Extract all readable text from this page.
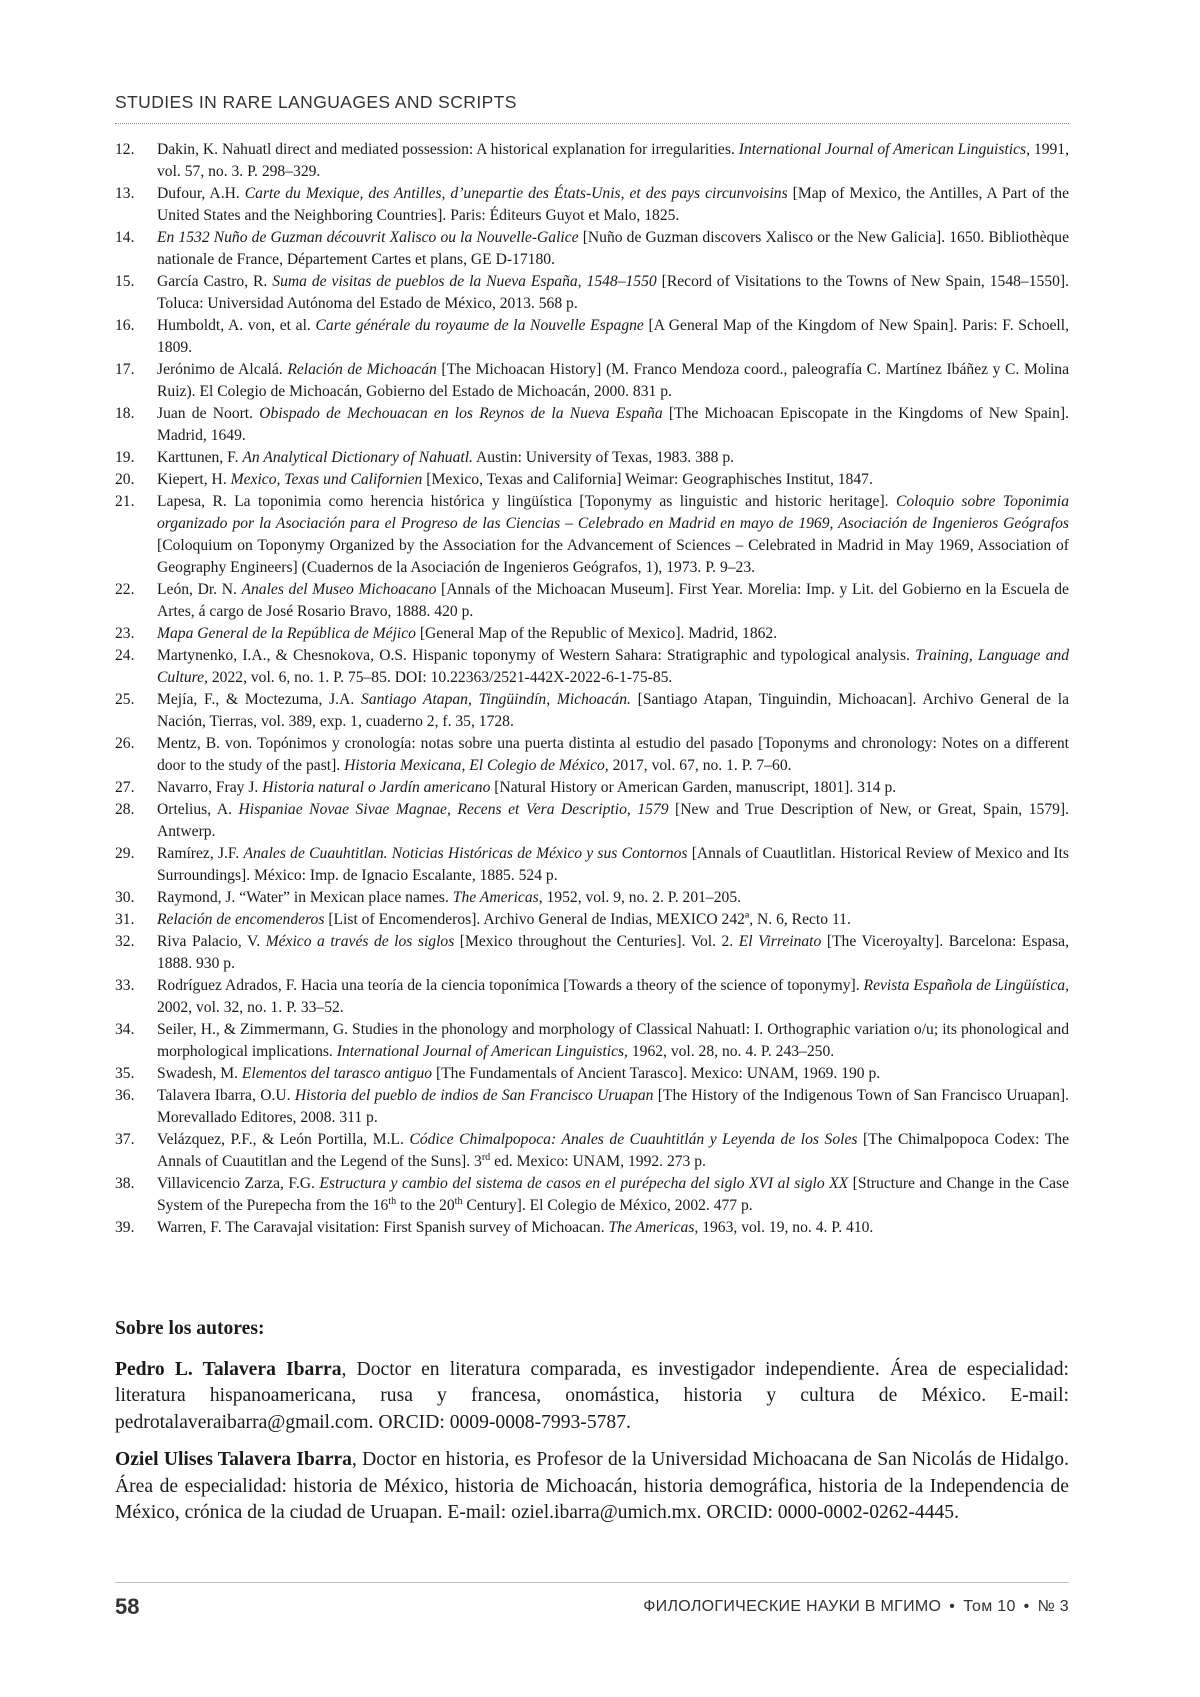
STUDIES IN RARE LANGUAGES AND SCRIPTS
12.	Dakin, K. Nahuatl direct and mediated possession: A historical explanation for irregularities. International Journal of American Linguistics, 1991, vol. 57, no. 3. P. 298–329.
13.	Dufour, A.H. Carte du Mexique, des Antilles, d’unepartie des États-Unis, et des pays circunvoisins [Map of Mexico, the Antilles, A Part of the United States and the Neighboring Countries]. Paris: Éditeurs Guyot et Malo, 1825.
14.	En 1532 Nuño de Guzman découvrit Xalisco ou la Nouvelle-Galice [Nuño de Guzman discovers Xalisco or the New Galicia]. 1650. Bibliothèque nationale de France, Département Cartes et plans, GE D-17180.
15.	García Castro, R. Suma de visitas de pueblos de la Nueva España, 1548–1550 [Record of Visitations to the Towns of New Spain, 1548–1550]. Toluca: Universidad Autónoma del Estado de México, 2013. 568 p.
16.	Humboldt, A. von, et al. Carte générale du royaume de la Nouvelle Espagne [A General Map of the Kingdom of New Spain]. Paris: F. Schoell, 1809.
17.	Jerónimo de Alcalá. Relación de Michoacán [The Michoacan History] (M. Franco Mendoza coord., paleografía C. Martínez Ibáñez y C. Molina Ruiz). El Colegio de Michoacán, Gobierno del Estado de Michoacán, 2000. 831 p.
18.	Juan de Noort. Obispado de Mechouacan en los Reynos de la Nueva España [The Michoacan Episcopate in the Kingdoms of New Spain]. Madrid, 1649.
19.	Karttunen, F. An Analytical Dictionary of Nahuatl. Austin: University of Texas, 1983. 388 p.
20.	Kiepert, H. Mexico, Texas und Californien [Mexico, Texas and California] Weimar: Geographisches Institut, 1847.
21.	Lapesa, R. La toponimia como herencia histórica y lingüística [Toponymy as linguistic and historic heritage]. Coloquio sobre Toponimia organizado por la Asociación para el Progreso de las Ciencias – Celebrado en Madrid en mayo de 1969, Asociación de Ingenieros Geógrafos [Coloquium on Toponymy Organized by the Association for the Advancement of Sciences – Celebrated in Madrid in May 1969, Association of Geography Engineers] (Cuadernos de la Asociación de Ingenieros Geógrafos, 1), 1973. P. 9–23.
22.	León, Dr. N. Anales del Museo Michoacano [Annals of the Michoacan Museum]. First Year. Morelia: Imp. y Lit. del Gobierno en la Escuela de Artes, á cargo de José Rosario Bravo, 1888. 420 p.
23.	Mapa General de la República de Méjico [General Map of the Republic of Mexico]. Madrid, 1862.
24.	Martynenko, I.A., & Chesnokova, O.S. Hispanic toponymy of Western Sahara: Stratigraphic and typological analysis. Training, Language and Culture, 2022, vol. 6, no. 1. P. 75–85. DOI: 10.22363/2521-442X-2022-6-1-75-85.
25.	Mejía, F., & Moctezuma, J.A. Santiago Atapan, Tingüindín, Michoacán. [Santiago Atapan, Tinguindin, Michoacan]. Archivo General de la Nación, Tierras, vol. 389, exp. 1, cuaderno 2, f. 35, 1728.
26.	Mentz, B. von. Topónimos y cronología: notas sobre una puerta distinta al estudio del pasado [Toponyms and chronology: Notes on a different door to the study of the past]. Historia Mexicana, El Colegio de México, 2017, vol. 67, no. 1. P. 7–60.
27.	Navarro, Fray J. Historia natural o Jardín americano [Natural History or American Garden, manuscript, 1801]. 314 p.
28.	Ortelius, A. Hispaniae Novae Sivae Magnae, Recens et Vera Descriptio, 1579 [New and True Description of New, or Great, Spain, 1579]. Antwerp.
29.	Ramírez, J.F. Anales de Cuauhtitlan. Noticias Históricas de México y sus Contornos [Annals of Cuautlitlan. Historical Review of Mexico and Its Surroundings]. México: Imp. de Ignacio Escalante, 1885. 524 p.
30.	Raymond, J. “Water” in Mexican place names. The Americas, 1952, vol. 9, no. 2. P. 201–205.
31.	Relación de encomenderos [List of Encomenderos]. Archivo General de Indias, MEXICO 242ª, N. 6, Recto 11.
32.	Riva Palacio, V. México a través de los siglos [Mexico throughout the Centuries]. Vol. 2. El Virreinato [The Viceroyalty]. Barcelona: Espasa, 1888. 930 p.
33.	Rodríguez Adrados, F. Hacia una teoría de la ciencia toponímica [Towards a theory of the science of toponymy]. Revista Española de Lingüística, 2002, vol. 32, no. 1. P. 33–52.
34.	Seiler, H., & Zimmermann, G. Studies in the phonology and morphology of Classical Nahuatl: I. Orthographic variation o/u; its phonological and morphological implications. International Journal of American Linguistics, 1962, vol. 28, no. 4. P. 243–250.
35.	Swadesh, M. Elementos del tarasco antiguo [The Fundamentals of Ancient Tarasco]. Mexico: UNAM, 1969. 190 p.
36.	Talavera Ibarra, O.U. Historia del pueblo de indios de San Francisco Uruapan [The History of the Indigenous Town of San Francisco Uruapan]. Morevallado Editores, 2008. 311 p.
37.	Velázquez, P.F., & León Portilla, M.L. Códice Chimalpopoca: Anales de Cuauhtitlán y Leyenda de los Soles [The Chimalpopoca Codex: The Annals of Cuautitlan and the Legend of the Suns]. 3rd ed. Mexico: UNAM, 1992. 273 p.
38.	Villavicencio Zarza, F.G. Estructura y cambio del sistema de casos en el purépecha del siglo XVI al siglo XX [Structure and Change in the Case System of the Purepecha from the 16th to the 20th Century]. El Colegio de México, 2002. 477 p.
39.	Warren, F. The Caravajal visitation: First Spanish survey of Michoacan. The Americas, 1963, vol. 19, no. 4. P. 410.
Sobre los autores:

Pedro L. Talavera Ibarra, Doctor en literatura comparada, es investigador independiente. Área de especialidad: literatura hispanoamericana, rusa y francesa, onomástica, historia y cultura de México. E-mail: pedrotalaveraibarra@gmail.com. ORCID: 0009-0008-7993-5787.

Oziel Ulises Talavera Ibarra, Doctor en historia, es Profesor de la Universidad Michoacana de San Nicolás de Hidalgo. Área de especialidad: historia de México, historia de Michoacán, historia demográfica, historia de la Independencia de México, crónica de la ciudad de Uruapan. E-mail: oziel.ibarra@umich.mx. ORCID: 0000-0002-0262-4445.

58	ФИЛОЛОГИЧЕСКИЕ НАУКИ В МГИМО • Том 10 • № 3
